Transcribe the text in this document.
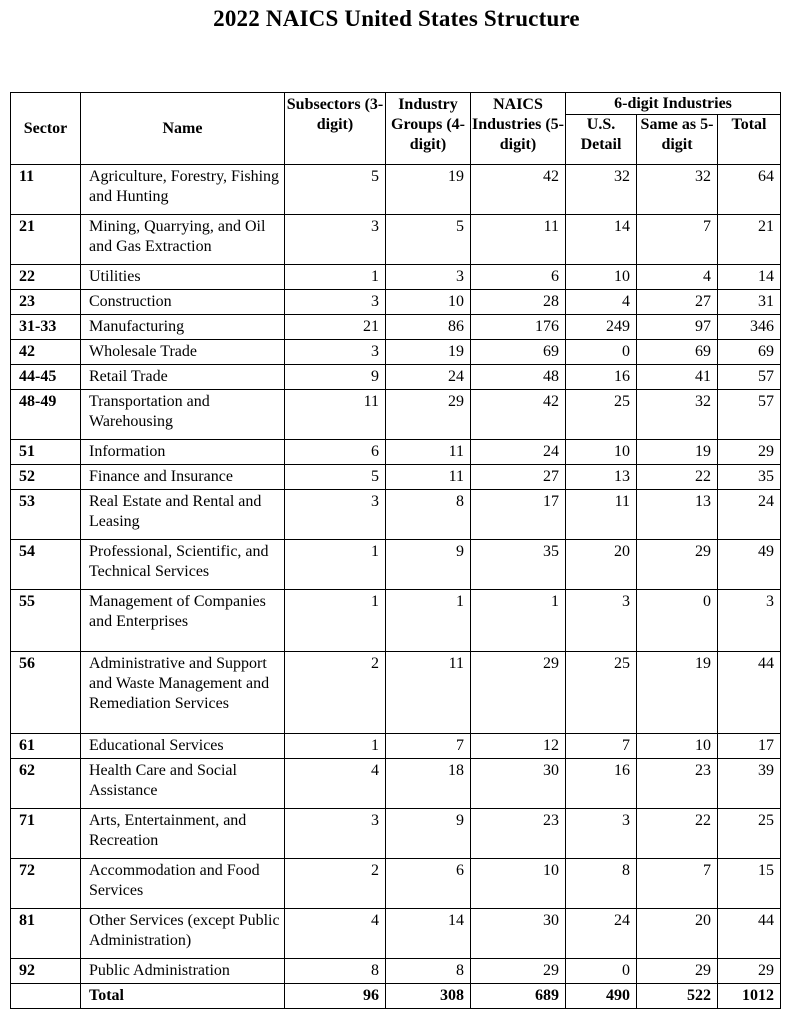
2022 NAICS United States Structure
Sector	Name	Subsectors (3-digit)	Industry Groups (4-digit)	NAICS Industries (5-digit)	6-digit Industries		
					U.S. Detail	Same as 5-digit	Total
11	Agriculture, Forestry, Fishing and Hunting	5	19	42	32	32	64
21	Mining, Quarrying, and Oil and Gas Extraction	3	5	11	14	7	21
22	Utilities	1	3	6	10	4	14
23	Construction	3	10	28	4	27	31
31-33	Manufacturing	21	86	176	249	97	346
42	Wholesale Trade	3	19	69	0	69	69
44-45	Retail Trade	9	24	48	16	41	57
48-49	Transportation and Warehousing	11	29	42	25	32	57
51	Information	6	11	24	10	19	29
52	Finance and Insurance	5	11	27	13	22	35
53	Real Estate and Rental and Leasing	3	8	17	11	13	24
54	Professional, Scientific, and Technical Services	1	9	35	20	29	49
55	Management of Companies and Enterprises	1	1	1	3	0	3
56	Administrative and Support and Waste Management and Remediation Services	2	11	29	25	19	44
61	Educational Services	1	7	12	7	10	17
62	Health Care and Social Assistance	4	18	30	16	23	39
71	Arts, Entertainment, and Recreation	3	9	23	3	22	25
72	Accommodation and Food Services	2	6	10	8	7	15
81	Other Services (except Public Administration)	4	14	30	24	20	44
92	Public Administration	8	8	29	0	29	29
	Total	96	308	689	490	522	1012
